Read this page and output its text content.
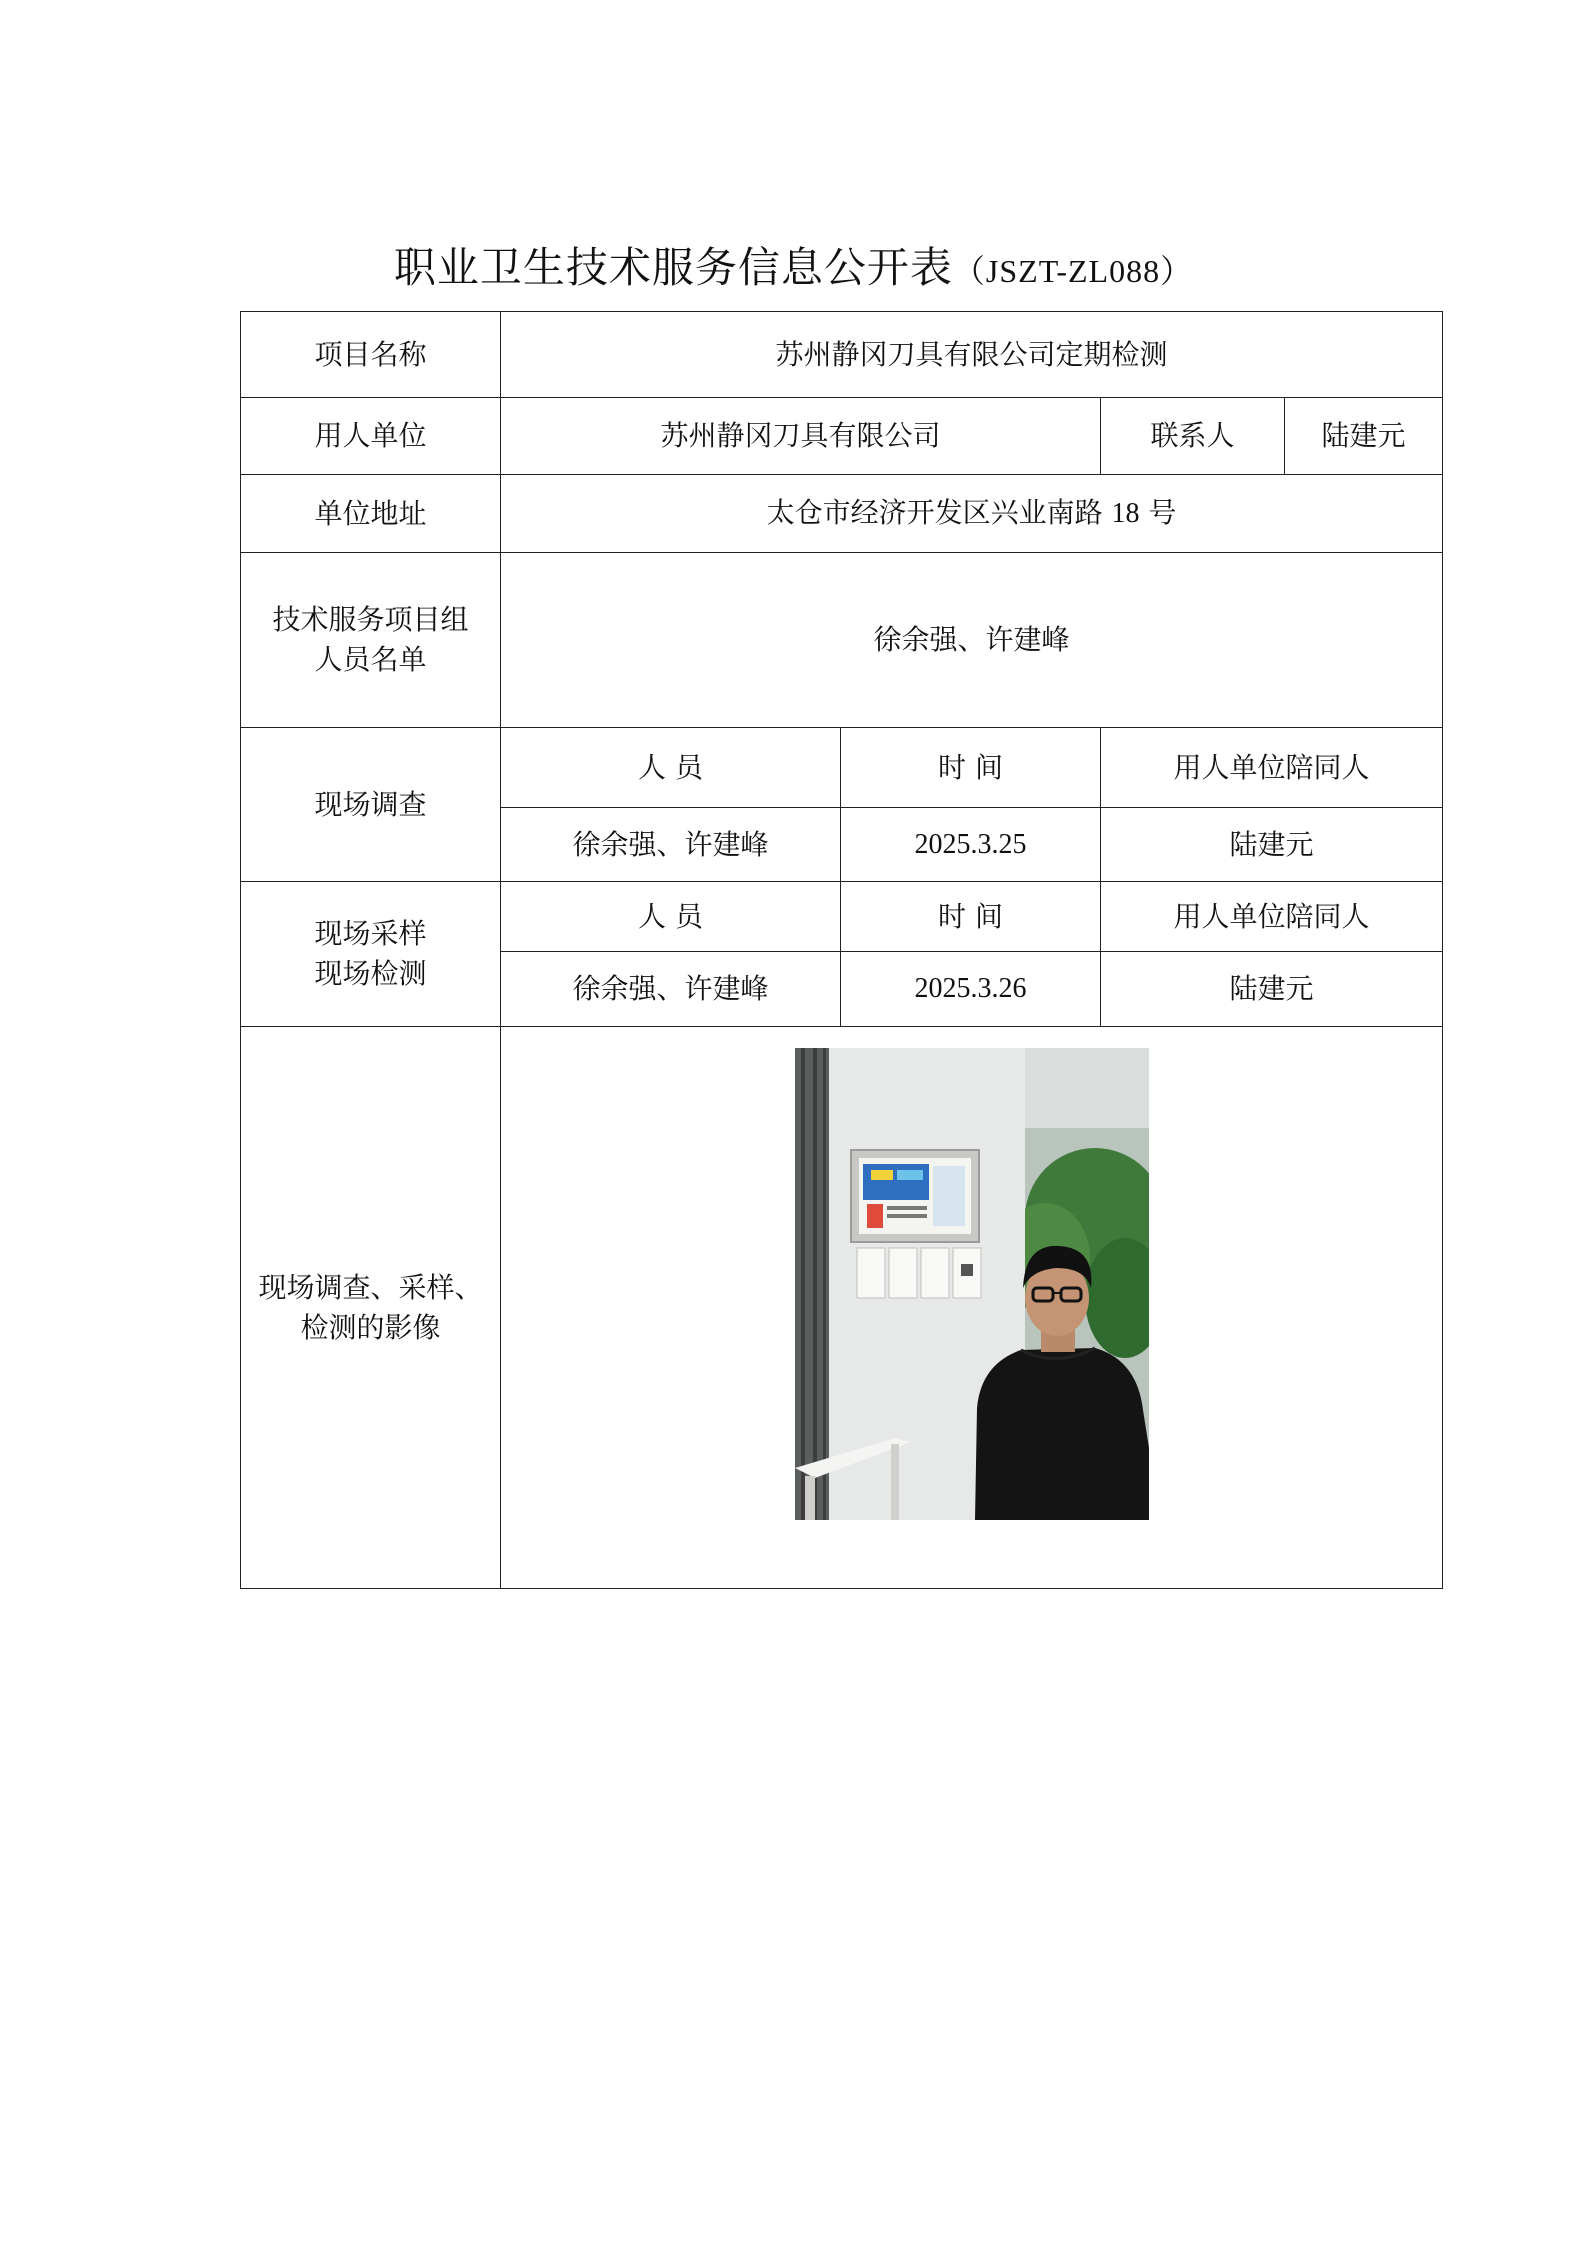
职业卫生技术服务信息公开表（JSZT-ZL088）
项目名称	苏州静冈刀具有限公司定期检测			
用人单位	苏州静冈刀具有限公司		联系人	陆建元
单位地址	太仓市经济开发区兴业南路 18 号			
技术服务项目组
人员名单	徐余强、许建峰			
现场调查	人 员	时 间	用人单位陪同人	
	徐余强、许建峰	2025.3.25	陆建元	
现场采样
现场检测	人 员	时 间	用人单位陪同人	
	徐余强、许建峰	2025.3.26	陆建元	
现场调查、采样、
检测的影像	
